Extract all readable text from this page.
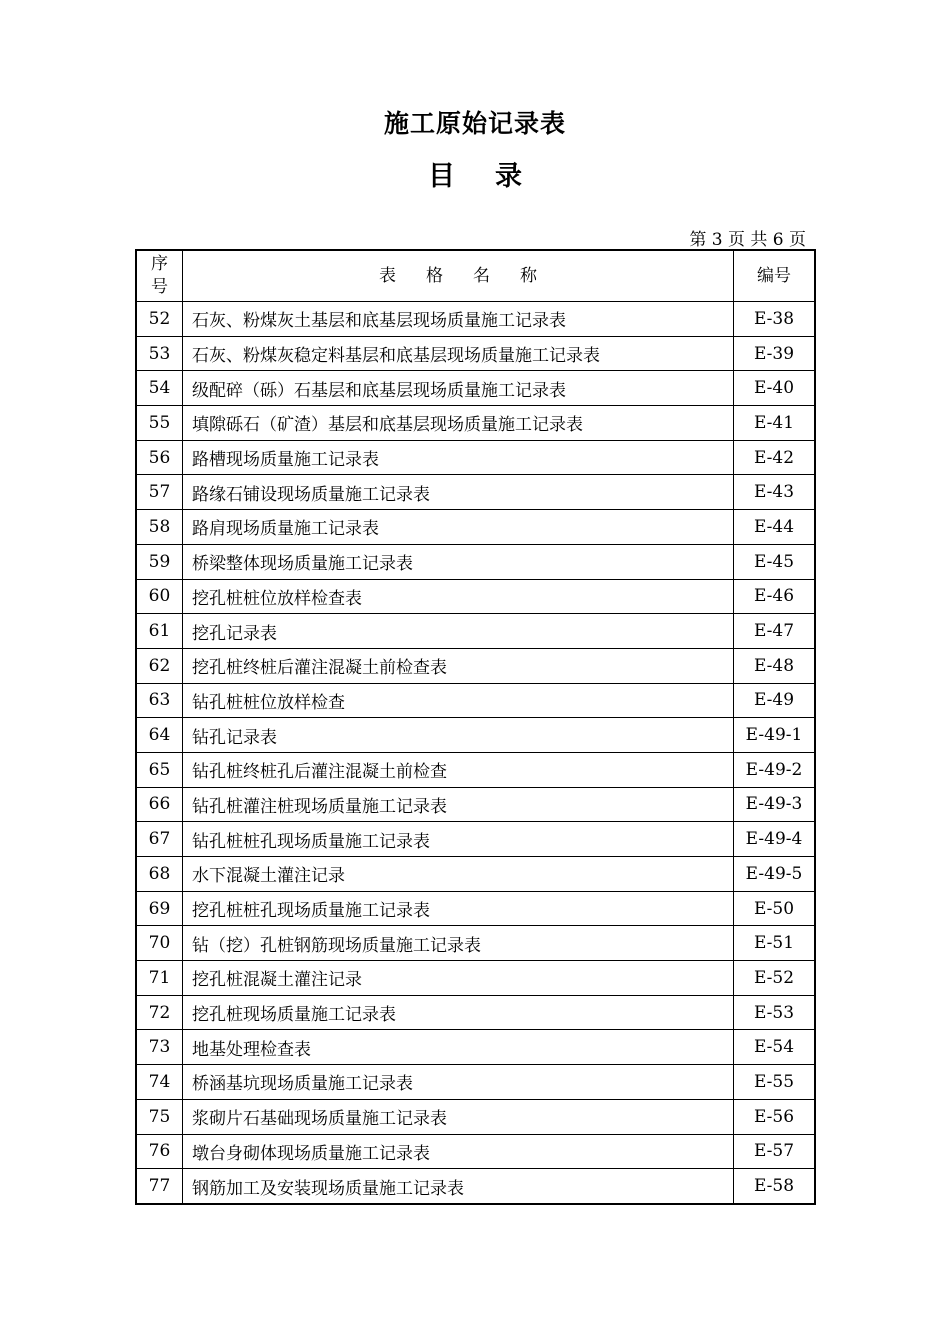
施工原始记录表
目录
第 3 页 共 6 页
序
号	表格名称	编号
52	石灰、粉煤灰土基层和底基层现场质量施工记录表	E-38
53	石灰、粉煤灰稳定料基层和底基层现场质量施工记录表	E-39
54	级配碎（砾）石基层和底基层现场质量施工记录表	E-40
55	填隙砾石（矿渣）基层和底基层现场质量施工记录表	E-41
56	路槽现场质量施工记录表	E-42
57	路缘石铺设现场质量施工记录表	E-43
58	路肩现场质量施工记录表	E-44
59	桥梁整体现场质量施工记录表	E-45
60	挖孔桩桩位放样检查表	E-46
61	挖孔记录表	E-47
62	挖孔桩终桩后灌注混凝土前检查表	E-48
63	钻孔桩桩位放样检查	E-49
64	钻孔记录表	E-49-1
65	钻孔桩终桩孔后灌注混凝土前检查	E-49-2
66	钻孔桩灌注桩现场质量施工记录表	E-49-3
67	钻孔桩桩孔现场质量施工记录表	E-49-4
68	水下混凝土灌注记录	E-49-5
69	挖孔桩桩孔现场质量施工记录表	E-50
70	钻（挖）孔桩钢筋现场质量施工记录表	E-51
71	挖孔桩混凝土灌注记录	E-52
72	挖孔桩现场质量施工记录表	E-53
73	地基处理检查表	E-54
74	桥涵基坑现场质量施工记录表	E-55
75	浆砌片石基础现场质量施工记录表	E-56
76	墩台身砌体现场质量施工记录表	E-57
77	钢筋加工及安装现场质量施工记录表	E-58
